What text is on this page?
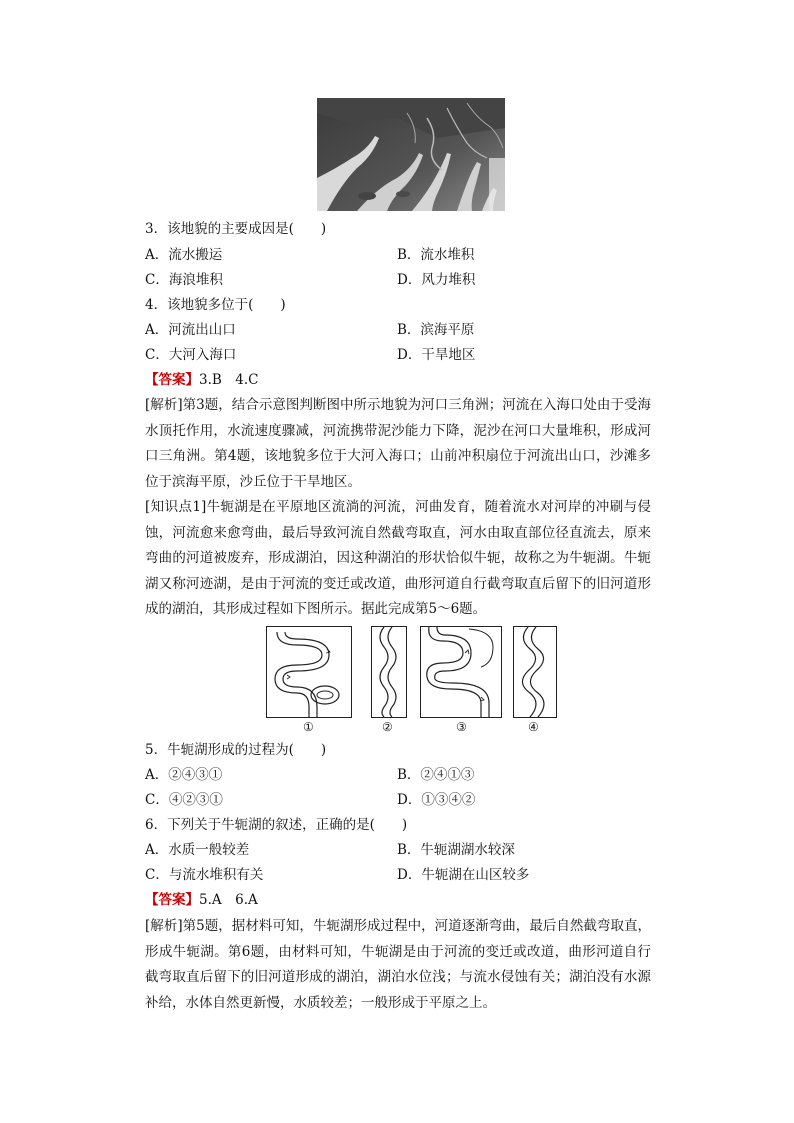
3．该地貌的主要成因是(　　)
A．流水搬运	B．流水堆积
C．海浪堆积	D．风力堆积
4．该地貌多位于(　　)
A．河流出山口	B．滨海平原
C．大河入海口	D．干旱地区
【答案】3.B　4.C
[解析]第3题，结合示意图判断图中所示地貌为河口三角洲；河流在入海口处由于受海水顶托作用，水流速度骤减，河流携带泥沙能力下降，泥沙在河口大量堆积，形成河口三角洲。第4题，该地貌多位于大河入海口；山前冲积扇位于河流出山口，沙滩多位于滨海平原，沙丘位于干旱地区。
[知识点1]牛轭湖是在平原地区流淌的河流，河曲发育，随着流水对河岸的冲刷与侵蚀，河流愈来愈弯曲，最后导致河流自然截弯取直，河水由取直部位径直流去，原来弯曲的河道被废弃，形成湖泊，因这种湖泊的形状恰似牛轭，故称之为牛轭湖。牛轭湖又称河迹湖，是由于河流的变迁或改道，曲形河道自行截弯取直后留下的旧河道形成的湖泊，其形成过程如下图所示。据此完成第5～6题。
①	②	③	④
5．牛轭湖形成的过程为(　　)
A．②④③①	B．②④①③
C．④②③①	D．①③④②
6．下列关于牛轭湖的叙述，正确的是(　　)
A．水质一般较差	B．牛轭湖湖水较深
C．与流水堆积有关	D．牛轭湖在山区较多
【答案】5.A　6.A
[解析]第5题，据材料可知，牛轭湖形成过程中，河道逐渐弯曲，最后自然截弯取直，形成牛轭湖。第6题，由材料可知，牛轭湖是由于河流的变迁或改道，曲形河道自行截弯取直后留下的旧河道形成的湖泊，湖泊水位浅；与流水侵蚀有关；湖泊没有水源补给，水体自然更新慢，水质较差；一般形成于平原之上。
